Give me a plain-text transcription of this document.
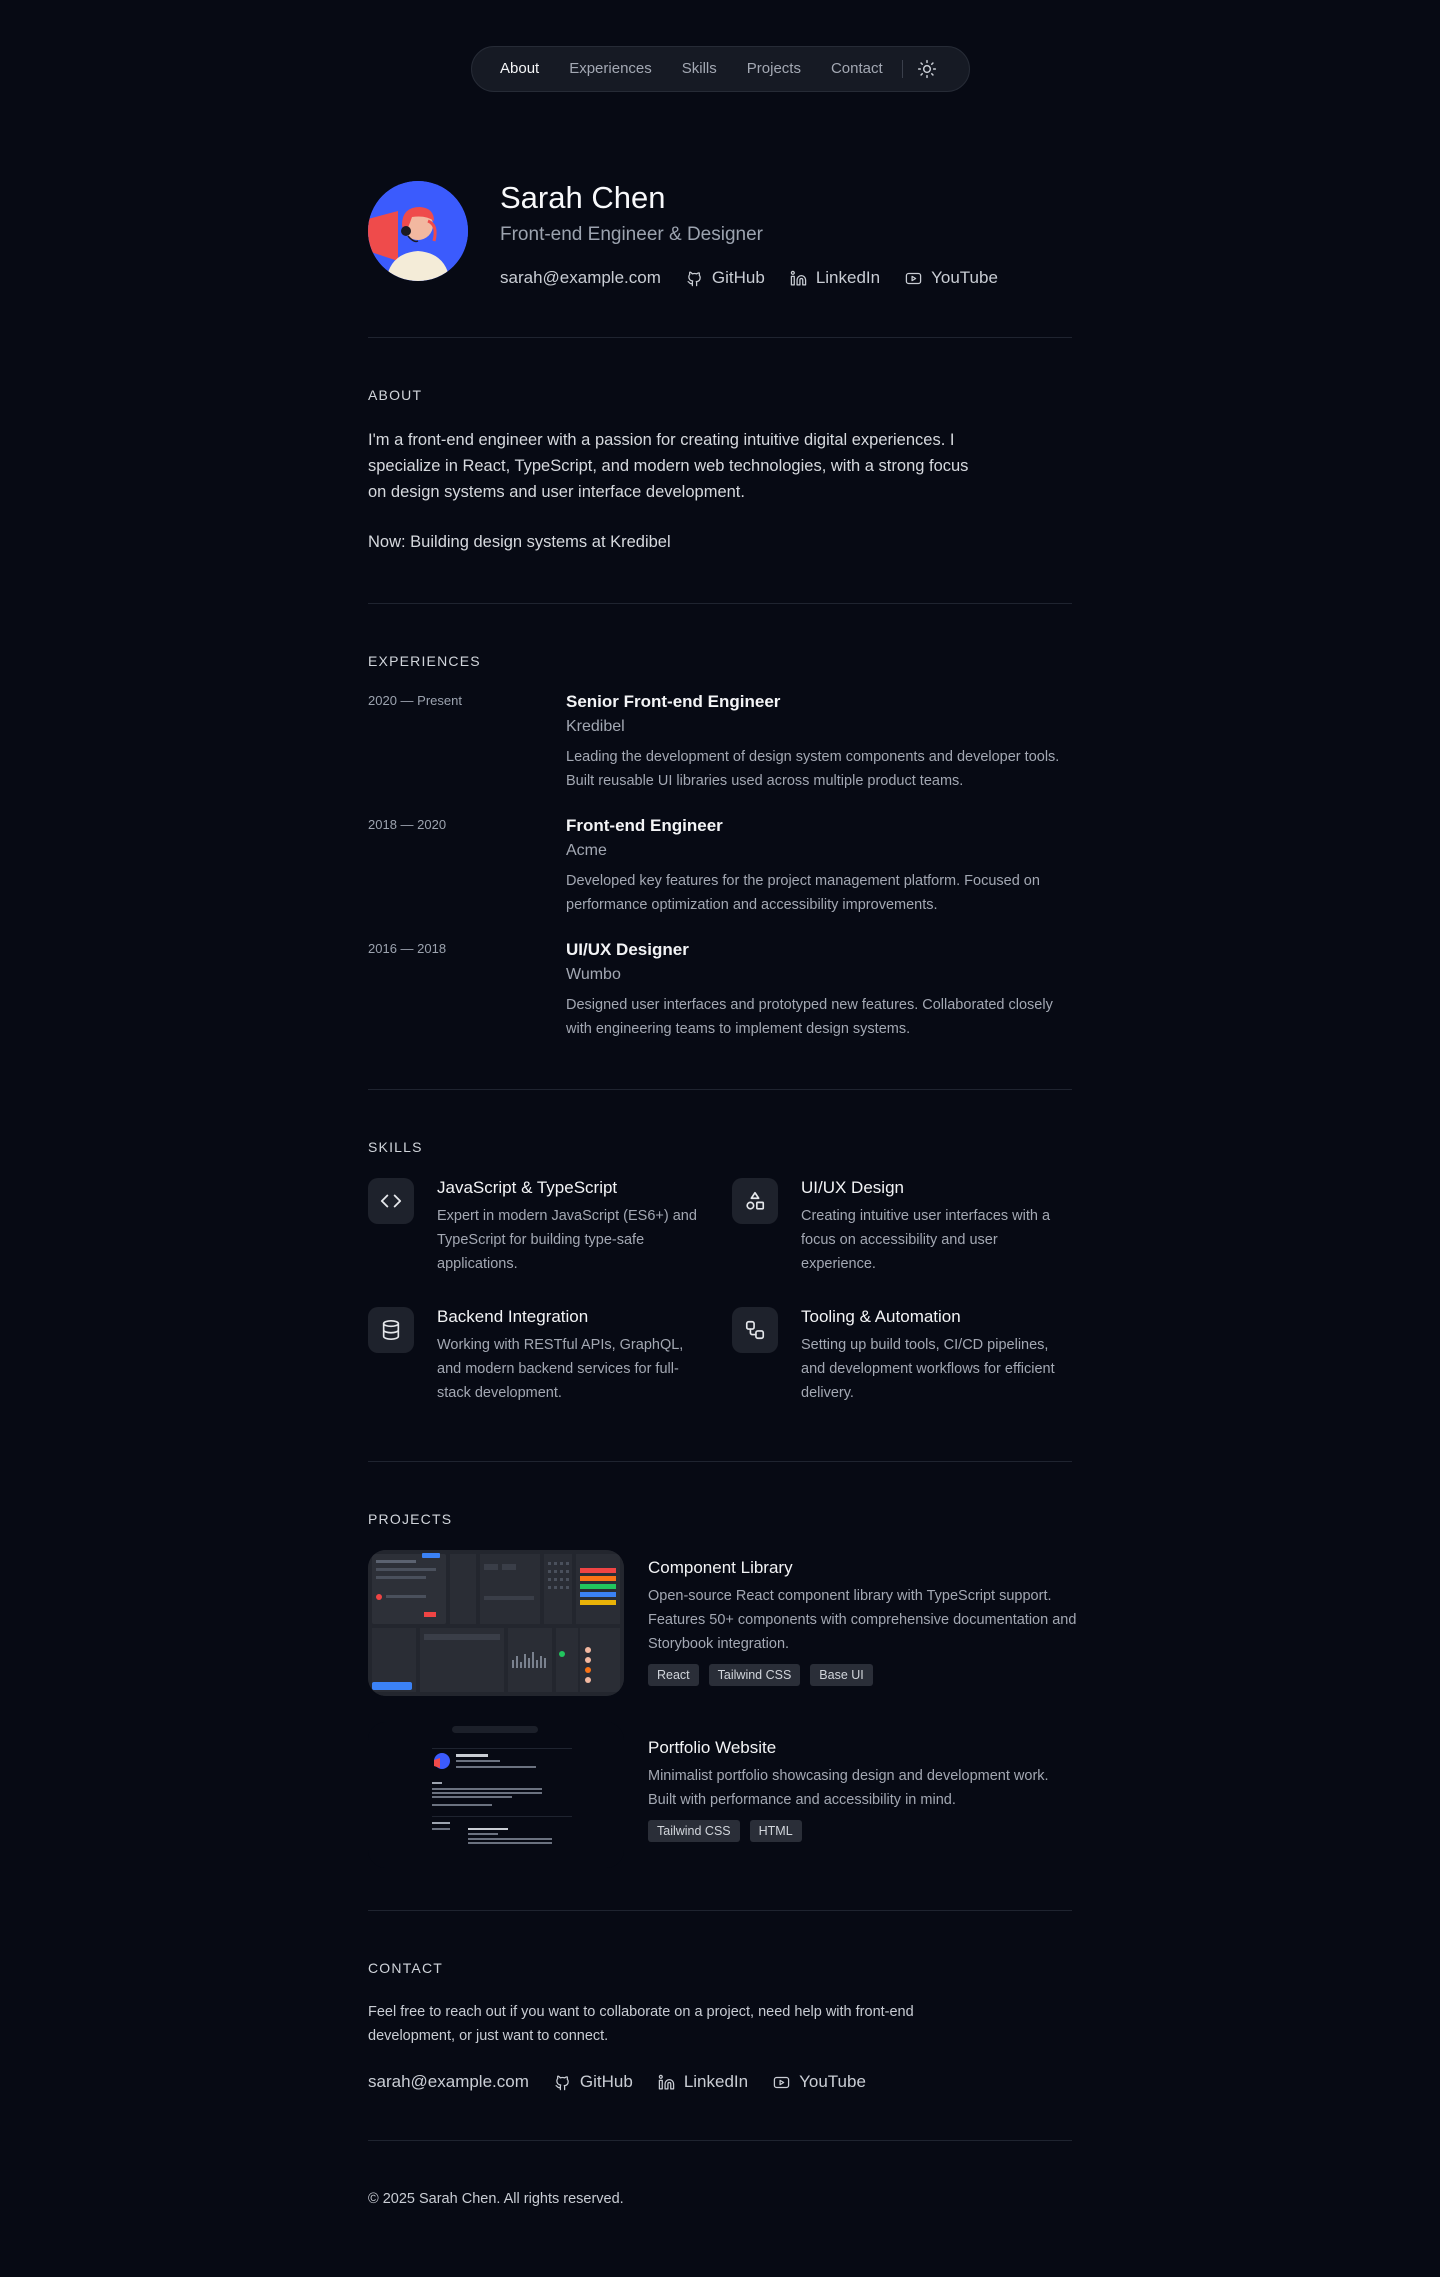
About	Experiences	Skills	Projects	Contact
Sarah Chen
Front-end Engineer & Designer
sarah@example.com	GitHub	LinkedIn	YouTube
ABOUT
I'm a front-end engineer with a passion for creating intuitive digital experiences. I specialize in React, TypeScript, and modern web technologies, with a strong focus on design systems and user interface development.
Now: Building design systems at Kredibel
EXPERIENCES
2020 — Present	Senior Front-end Engineer
Kredibel
Leading the development of design system components and developer tools. Built reusable UI libraries used across multiple product teams.
2018 — 2020	Front-end Engineer
Acme
Developed key features for the project management platform. Focused on performance optimization and accessibility improvements.
2016 — 2018	UI/UX Designer
Wumbo
Designed user interfaces and prototyped new features. Collaborated closely with engineering teams to implement design systems.
SKILLS
JavaScript & TypeScript
Expert in modern JavaScript (ES6+) and TypeScript for building type-safe applications.
UI/UX Design
Creating intuitive user interfaces with a focus on accessibility and user experience.
Backend Integration
Working with RESTful APIs, GraphQL, and modern backend services for full-stack development.
Tooling & Automation
Setting up build tools, CI/CD pipelines, and development workflows for efficient delivery.
PROJECTS
Component Library
Open-source React component library with TypeScript support. Features 50+ components with comprehensive documentation and Storybook integration.
React	Tailwind CSS	Base UI
Portfolio Website
Minimalist portfolio showcasing design and development work. Built with performance and accessibility in mind.
Tailwind CSS	HTML
CONTACT
Feel free to reach out if you want to collaborate on a project, need help with front-end development, or just want to connect.
sarah@example.com	GitHub	LinkedIn	YouTube
© 2025 Sarah Chen. All rights reserved.
